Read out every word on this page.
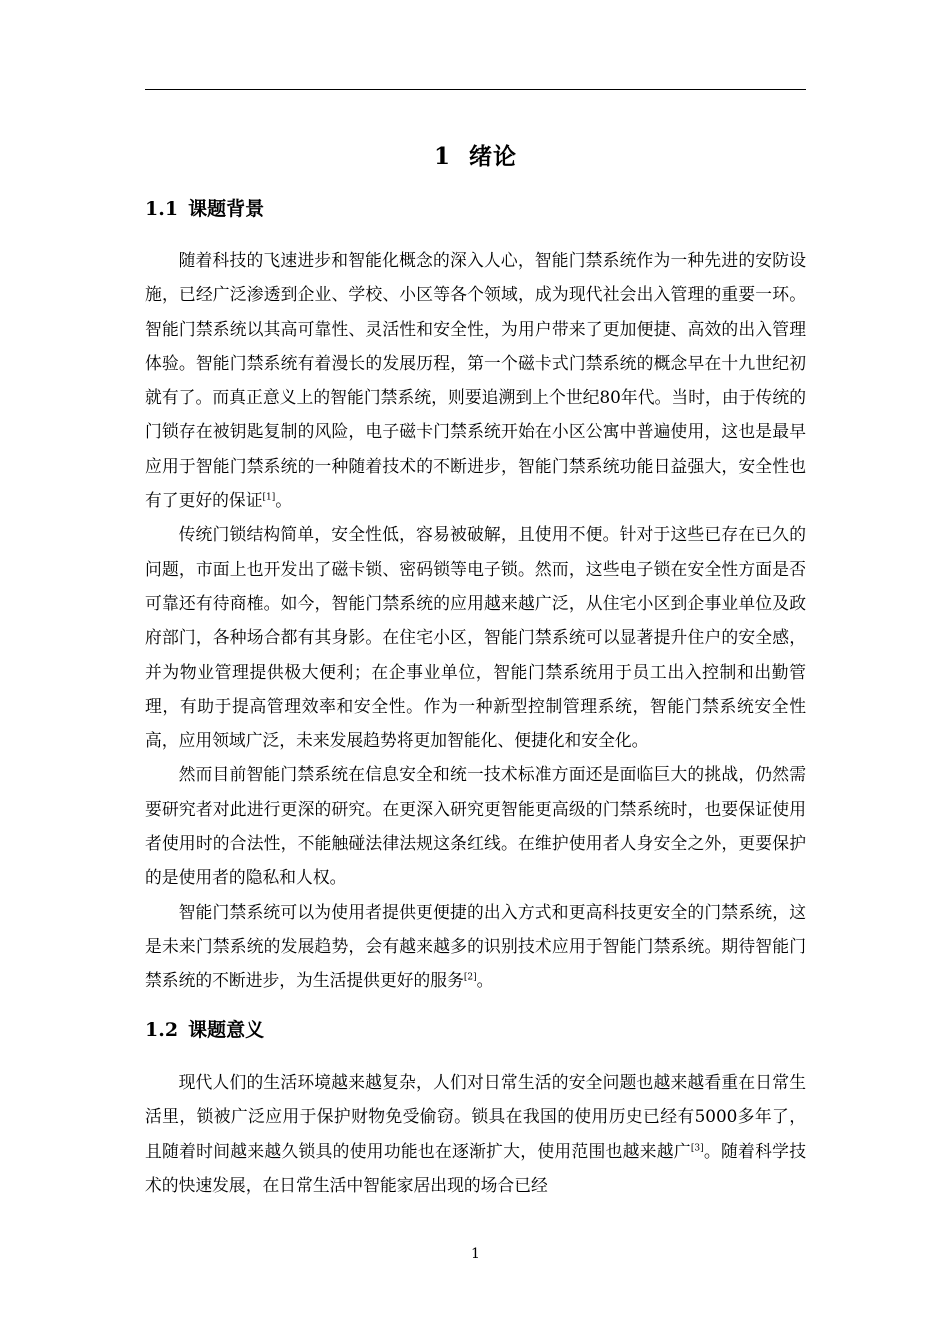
1 绪论
1.1 课题背景

随着科技的飞速进步和智能化概念的深入人心，智能门禁系统作为一种先进的安防设施，已经广泛渗透到企业、学校、小区等各个领域，成为现代社会出入管理的重要一环。智能门禁系统以其高可靠性、灵活性和安全性，为用户带来了更加便捷、高效的出入管理体验。智能门禁系统有着漫长的发展历程，第一个磁卡式门禁系统的概念早在十九世纪初就有了。而真正意义上的智能门禁系统，则要追溯到上个世纪80年代。当时，由于传统的门锁存在被钥匙复制的风险，电子磁卡门禁系统开始在小区公寓中普遍使用，这也是最早应用于智能门禁系统的一种随着技术的不断进步，智能门禁系统功能日益强大，安全性也有了更好的保证[1]。

传统门锁结构简单，安全性低，容易被破解，且使用不便。针对于这些已存在已久的问题，市面上也开发出了磁卡锁、密码锁等电子锁。然而，这些电子锁在安全性方面是否可靠还有待商榷。如今，智能门禁系统的应用越来越广泛，从住宅小区到企事业单位及政府部门，各种场合都有其身影。在住宅小区，智能门禁系统可以显著提升住户的安全感，并为物业管理提供极大便利；在企事业单位，智能门禁系统用于员工出入控制和出勤管理，有助于提高管理效率和安全性。作为一种新型控制管理系统，智能门禁系统安全性高，应用领域广泛，未来发展趋势将更加智能化、便捷化和安全化。

然而目前智能门禁系统在信息安全和统一技术标准方面还是面临巨大的挑战，仍然需要研究者对此进行更深的研究。在更深入研究更智能更高级的门禁系统时，也要保证使用者使用时的合法性，不能触碰法律法规这条红线。在维护使用者人身安全之外，更要保护的是使用者的隐私和人权。

智能门禁系统可以为使用者提供更便捷的出入方式和更高科技更安全的门禁系统，这是未来门禁系统的发展趋势，会有越来越多的识别技术应用于智能门禁系统。期待智能门禁系统的不断进步，为生活提供更好的服务[2]。

1.2 课题意义

现代人们的生活环境越来越复杂，人们对日常生活的安全问题也越来越看重在日常生活里，锁被广泛应用于保护财物免受偷窃。锁具在我国的使用历史已经有5000多年了，且随着时间越来越久锁具的使用功能也在逐渐扩大，使用范围也越来越广[3]。随着科学技术的快速发展，在日常生活中智能家居出现的场合已经

1
